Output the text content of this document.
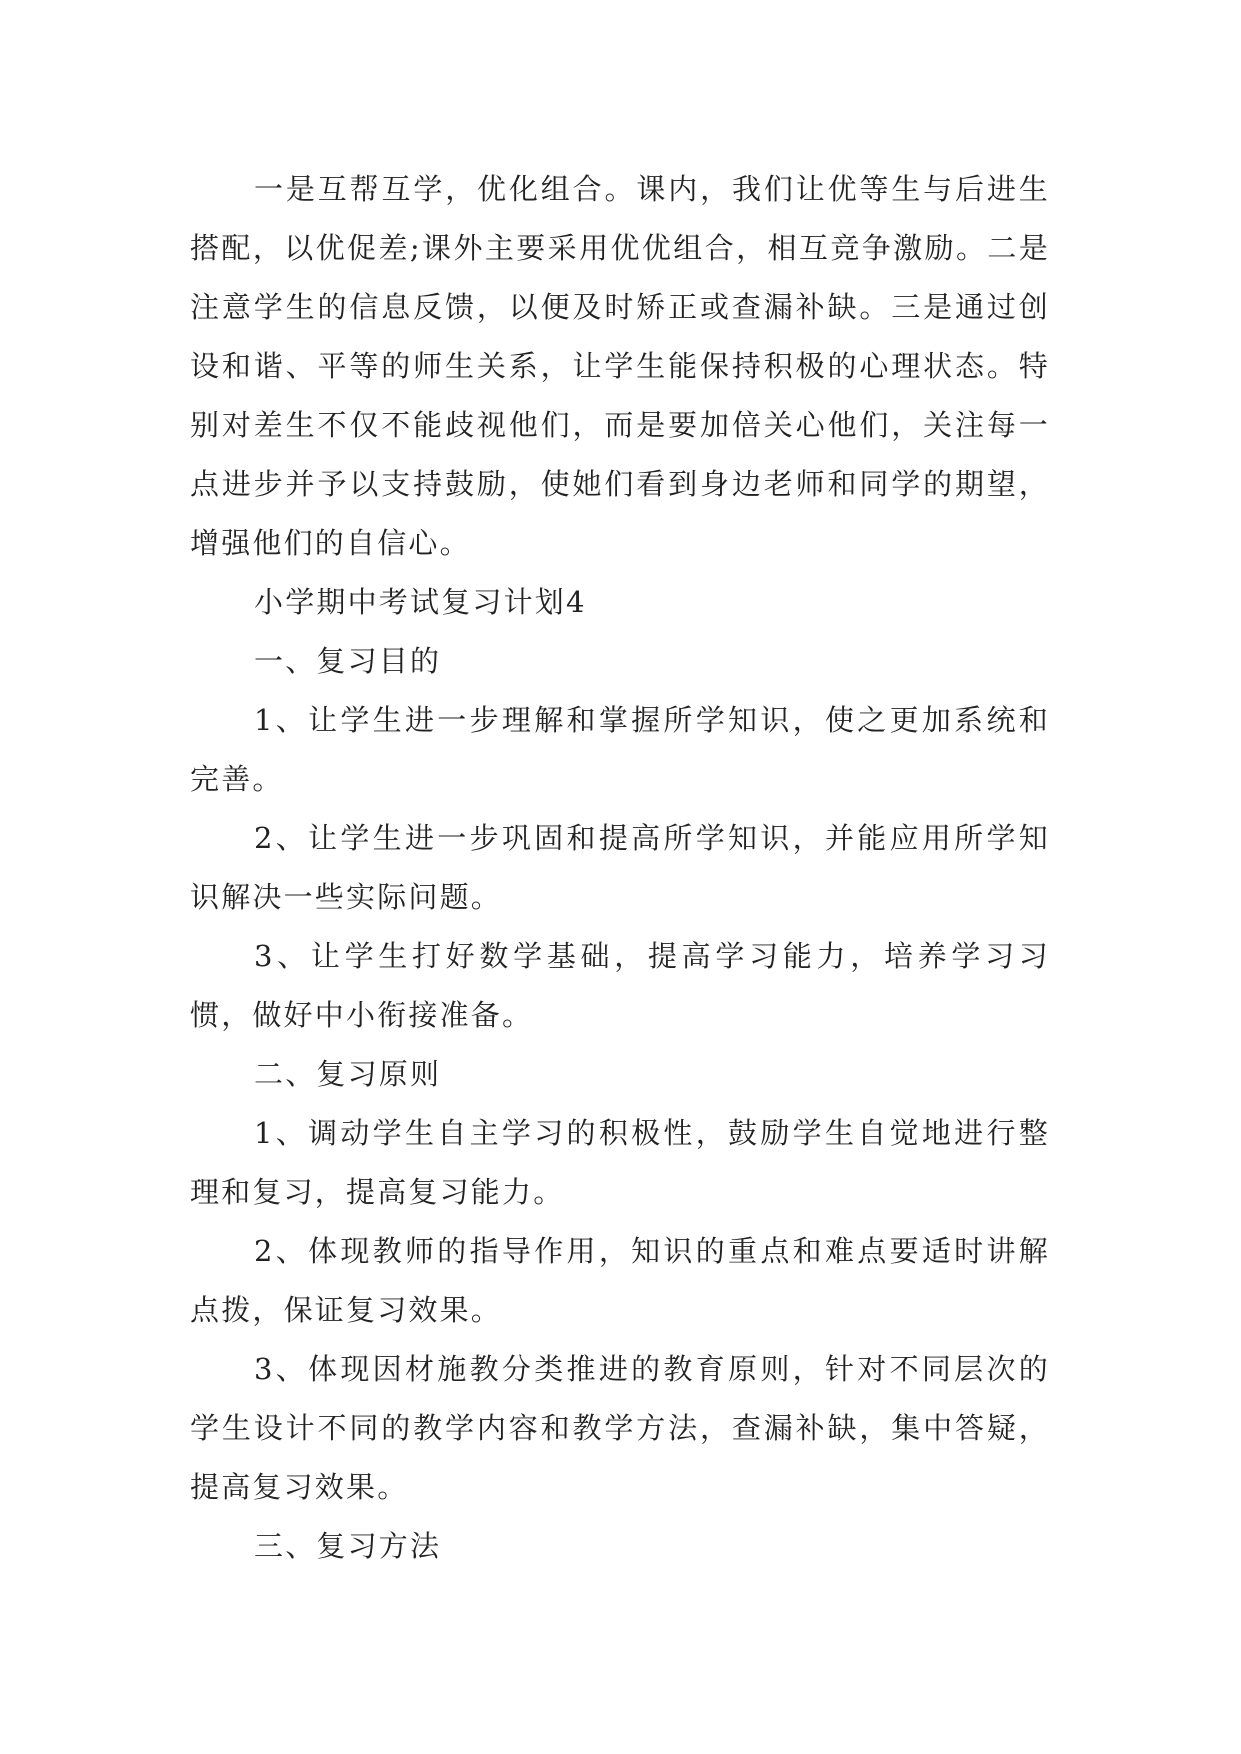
一是互帮互学，优化组合。课内，我们让优等生与后进生搭配，以优促差;课外主要采用优优组合，相互竞争激励。二是注意学生的信息反馈，以便及时矫正或查漏补缺。三是通过创设和谐、平等的师生关系，让学生能保持积极的心理状态。特别对差生不仅不能歧视他们，而是要加倍关心他们，关注每一点进步并予以支持鼓励，使她们看到身边老师和同学的期望，增强他们的自信心。

小学期中考试复习计划4

一、复习目的

1、让学生进一步理解和掌握所学知识，使之更加系统和完善。

2、让学生进一步巩固和提高所学知识，并能应用所学知识解决一些实际问题。

3、让学生打好数学基础，提高学习能力，培养学习习惯，做好中小衔接准备。

二、复习原则

1、调动学生自主学习的积极性，鼓励学生自觉地进行整理和复习，提高复习能力。

2、体现教师的指导作用，知识的重点和难点要适时讲解点拨，保证复习效果。

3、体现因材施教分类推进的教育原则，针对不同层次的学生设计不同的教学内容和教学方法，查漏补缺，集中答疑，提高复习效果。

三、复习方法
